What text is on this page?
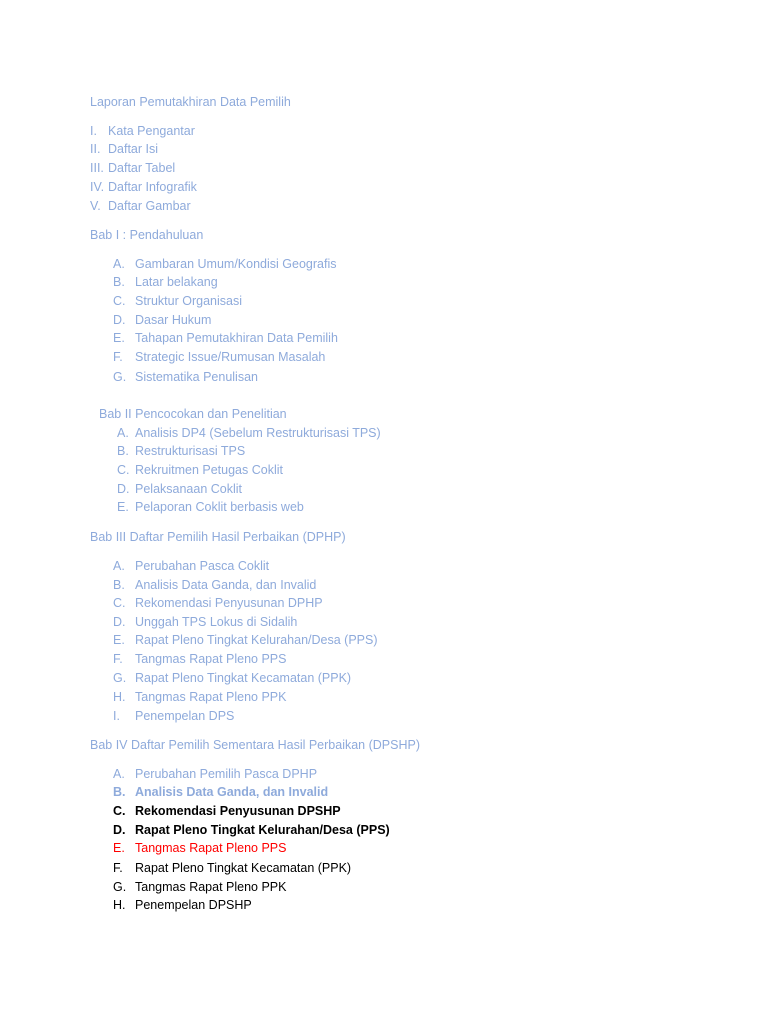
Laporan Pemutakhiran Data Pemilih
I. Kata Pengantar
II. Daftar Isi
III. Daftar Tabel
IV. Daftar Infografik
V. Daftar Gambar
Bab I : Pendahuluan
A. Gambaran Umum/Kondisi Geografis
B. Latar belakang
C. Struktur Organisasi
D. Dasar Hukum
E. Tahapan Pemutakhiran Data Pemilih
F. Strategic Issue/Rumusan Masalah
G. Sistematika Penulisan
Bab II Pencocokan dan Penelitian
A. Analisis DP4 (Sebelum Restrukturisasi TPS)
B. Restrukturisasi TPS
C. Rekruitmen Petugas Coklit
D. Pelaksanaan Coklit
E. Pelaporan Coklit berbasis web
Bab III Daftar Pemilih Hasil Perbaikan (DPHP)
A. Perubahan Pasca Coklit
B. Analisis Data Ganda, dan Invalid
C. Rekomendasi Penyusunan DPHP
D. Unggah TPS Lokus di Sidalih
E. Rapat Pleno Tingkat Kelurahan/Desa (PPS)
F. Tangmas Rapat Pleno PPS
G. Rapat Pleno Tingkat Kecamatan (PPK)
H. Tangmas Rapat Pleno PPK
I. Penempelan DPS
Bab IV Daftar Pemilih Sementara Hasil Perbaikan (DPSHP)
A. Perubahan Pemilih Pasca DPHP
B. Analisis Data Ganda, dan Invalid
C. Rekomendasi Penyusunan DPSHP
D. Rapat Pleno Tingkat Kelurahan/Desa (PPS)
E. Tangmas Rapat Pleno PPS
F. Rapat Pleno Tingkat Kecamatan (PPK)
G. Tangmas Rapat Pleno PPK
H. Penempelan DPSHP
